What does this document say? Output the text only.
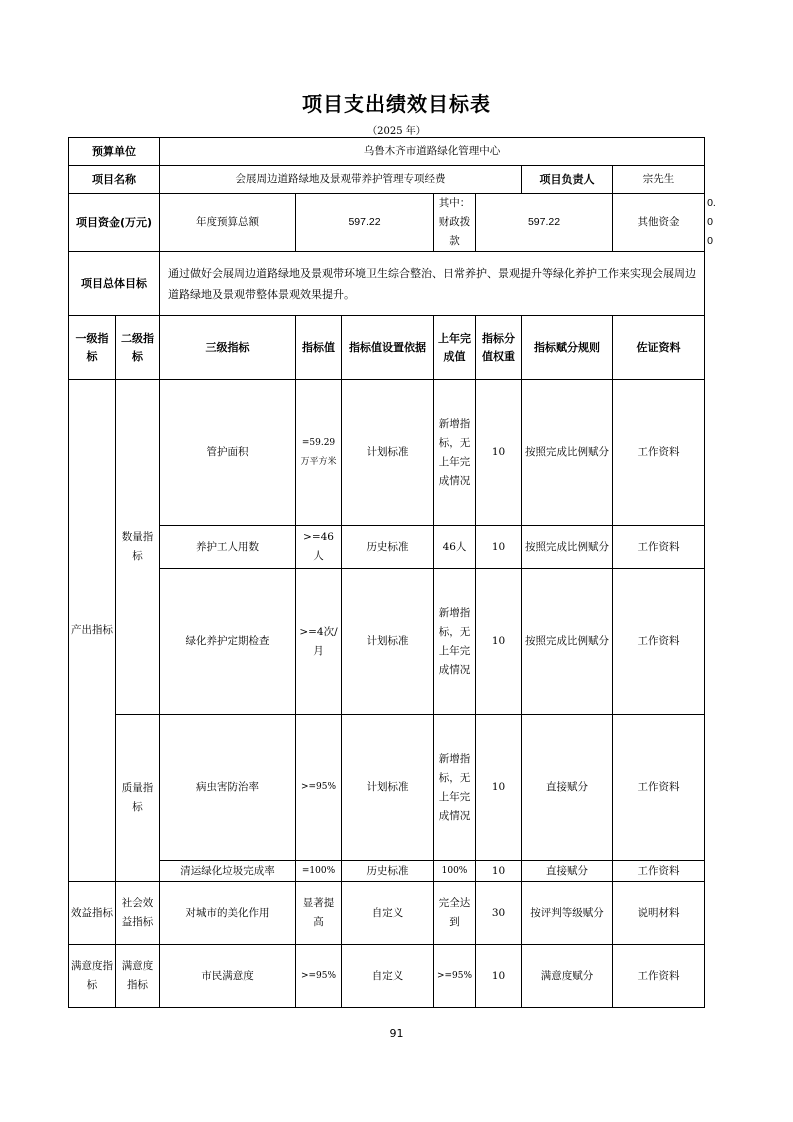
项目支出绩效目标表
（2025 年）
预算单位		乌鲁木齐市道路绿化管理中心							
项目名称		会展周边道路绿地及景观带养护管理专项经费					项目负责人	宗先生	
项目资金(万元)		年度预算总额	597.22		其中：财政拨款	597.22		其他资金	0.00
项目总体目标		通过做好会展周边道路绿地及景观带环境卫生综合整治、日常养护、景观提升等绿化养护工作来实现会展周边道路绿地及景观带整体景观效果提升。							
一级指标	二级指标	三级指标	指标值	指标值设置依据	上年完成值	指标分值权重	指标赋分规则	佐证资料	
产出指标	数量指标	管护面积	=59.29万平方米	计划标准	新增指标，无上年完成情况	10	按照完成比例赋分	工作资料	
		养护工人用数	>=46人	历史标准	46人	10	按照完成比例赋分	工作资料	
		绿化养护定期检查	>=4次/月	计划标准	新增指标，无上年完成情况	10	按照完成比例赋分	工作资料	
	质量指标	病虫害防治率	>=95%	计划标准	新增指标，无上年完成情况	10	直接赋分	工作资料	
		清运绿化垃圾完成率	=100%	历史标准	100%	10	直接赋分	工作资料	
效益指标	社会效益指标	对城市的美化作用	显著提高	自定义	完全达到	30	按评判等级赋分	说明材料	
满意度指标	满意度指标	市民满意度	>=95%	自定义	>=95%	10	满意度赋分	工作资料	
91
